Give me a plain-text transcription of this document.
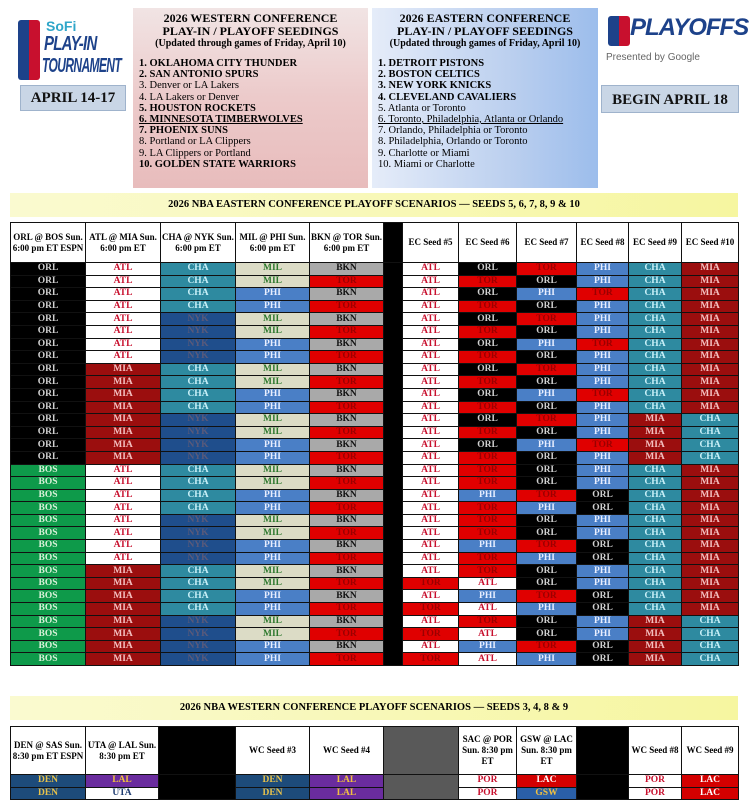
SoFi
PLAY-IN
TOURNAMENT
APRIL 14-17
2026 WESTERN CONFERENCE
PLAY-IN / PLAYOFF SEEDINGS
(Updated through games of Friday, April 10)
1. OKLAHOMA CITY THUNDER
2. SAN ANTONIO SPURS
3. Denver or LA Lakers
4. LA Lakers or Denver
5. HOUSTON ROCKETS
6. MINNESOTA TIMBERWOLVES
7. PHOENIX SUNS
8. Portland or LA Clippers
9. LA Clippers or Portland
10. GOLDEN STATE WARRIORS
2026 EASTERN CONFERENCE
PLAY-IN / PLAYOFF SEEDINGS
(Updated through games of Friday, April 10)
1. DETROIT PISTONS
2. BOSTON CELTICS
3. NEW YORK KNICKS
4. CLEVELAND CAVALIERS
5. Atlanta or Toronto
6. Toronto, Philadelphia, Atlanta or Orlando
7. Orlando, Philadelphia or Toronto
8. Philadelphia, Orlando or Toronto
9. Charlotte or Miami
10. Miami or Charlotte
PLAYOFFS
Presented by Google
BEGIN APRIL 18
2026 NBA EASTERN CONFERENCE PLAYOFF SCENARIOS — SEEDS 5, 6, 7, 8, 9 & 10
ORL @ BOS Sun. 6:00 pm ET ESPN	ATL @ MIA Sun. 6:00 pm ET	CHA @ NYK Sun. 6:00 pm ET	MIL @ PHI Sun. 6:00 pm ET	BKN @ TOR Sun. 6:00 pm ET		EC Seed #5	EC Seed #6	EC Seed #7	EC Seed #8	EC Seed #9	EC Seed #10
ORL	ATL	CHA	MIL	BKN		ATL	ORL	TOR	PHI	CHA	MIA
ORL	ATL	CHA	MIL	TOR		ATL	TOR	ORL	PHI	CHA	MIA
ORL	ATL	CHA	PHI	BKN		ATL	ORL	PHI	TOR	CHA	MIA
ORL	ATL	CHA	PHI	TOR		ATL	TOR	ORL	PHI	CHA	MIA
ORL	ATL	NYK	MIL	BKN		ATL	ORL	TOR	PHI	CHA	MIA
ORL	ATL	NYK	MIL	TOR		ATL	TOR	ORL	PHI	CHA	MIA
ORL	ATL	NYK	PHI	BKN		ATL	ORL	PHI	TOR	CHA	MIA
ORL	ATL	NYK	PHI	TOR		ATL	TOR	ORL	PHI	CHA	MIA
ORL	MIA	CHA	MIL	BKN		ATL	ORL	TOR	PHI	CHA	MIA
ORL	MIA	CHA	MIL	TOR		ATL	TOR	ORL	PHI	CHA	MIA
ORL	MIA	CHA	PHI	BKN		ATL	ORL	PHI	TOR	CHA	MIA
ORL	MIA	CHA	PHI	TOR		ATL	TOR	ORL	PHI	CHA	MIA
ORL	MIA	NYK	MIL	BKN		ATL	ORL	TOR	PHI	MIA	CHA
ORL	MIA	NYK	MIL	TOR		ATL	TOR	ORL	PHI	MIA	CHA
ORL	MIA	NYK	PHI	BKN		ATL	ORL	PHI	TOR	MIA	CHA
ORL	MIA	NYK	PHI	TOR		ATL	TOR	ORL	PHI	MIA	CHA
BOS	ATL	CHA	MIL	BKN		ATL	TOR	ORL	PHI	CHA	MIA
BOS	ATL	CHA	MIL	TOR		ATL	TOR	ORL	PHI	CHA	MIA
BOS	ATL	CHA	PHI	BKN		ATL	PHI	TOR	ORL	CHA	MIA
BOS	ATL	CHA	PHI	TOR		ATL	TOR	PHI	ORL	CHA	MIA
BOS	ATL	NYK	MIL	BKN		ATL	TOR	ORL	PHI	CHA	MIA
BOS	ATL	NYK	MIL	TOR		ATL	TOR	ORL	PHI	CHA	MIA
BOS	ATL	NYK	PHI	BKN		ATL	PHI	TOR	ORL	CHA	MIA
BOS	ATL	NYK	PHI	TOR		ATL	TOR	PHI	ORL	CHA	MIA
BOS	MIA	CHA	MIL	BKN		ATL	TOR	ORL	PHI	CHA	MIA
BOS	MIA	CHA	MIL	TOR		TOR	ATL	ORL	PHI	CHA	MIA
BOS	MIA	CHA	PHI	BKN		ATL	PHI	TOR	ORL	CHA	MIA
BOS	MIA	CHA	PHI	TOR		TOR	ATL	PHI	ORL	CHA	MIA
BOS	MIA	NYK	MIL	BKN		ATL	TOR	ORL	PHI	MIA	CHA
BOS	MIA	NYK	MIL	TOR		TOR	ATL	ORL	PHI	MIA	CHA
BOS	MIA	NYK	PHI	BKN		ATL	PHI	TOR	ORL	MIA	CHA
BOS	MIA	NYK	PHI	TOR		TOR	ATL	PHI	ORL	MIA	CHA
2026 NBA WESTERN CONFERENCE PLAYOFF SCENARIOS — SEEDS 3, 4, 8 & 9
DEN @ SAS Sun. 8:30 pm ET ESPN	UTA @ LAL Sun. 8:30 pm ET		WC Seed #3	WC Seed #4		SAC @ POR Sun. 8:30 pm ET	GSW @ LAC Sun. 8:30 pm ET		WC Seed #8	WC Seed #9
DEN	LAL		DEN	LAL		POR	LAC		POR	LAC
DEN	UTA		DEN	LAL		POR	GSW		POR	LAC
